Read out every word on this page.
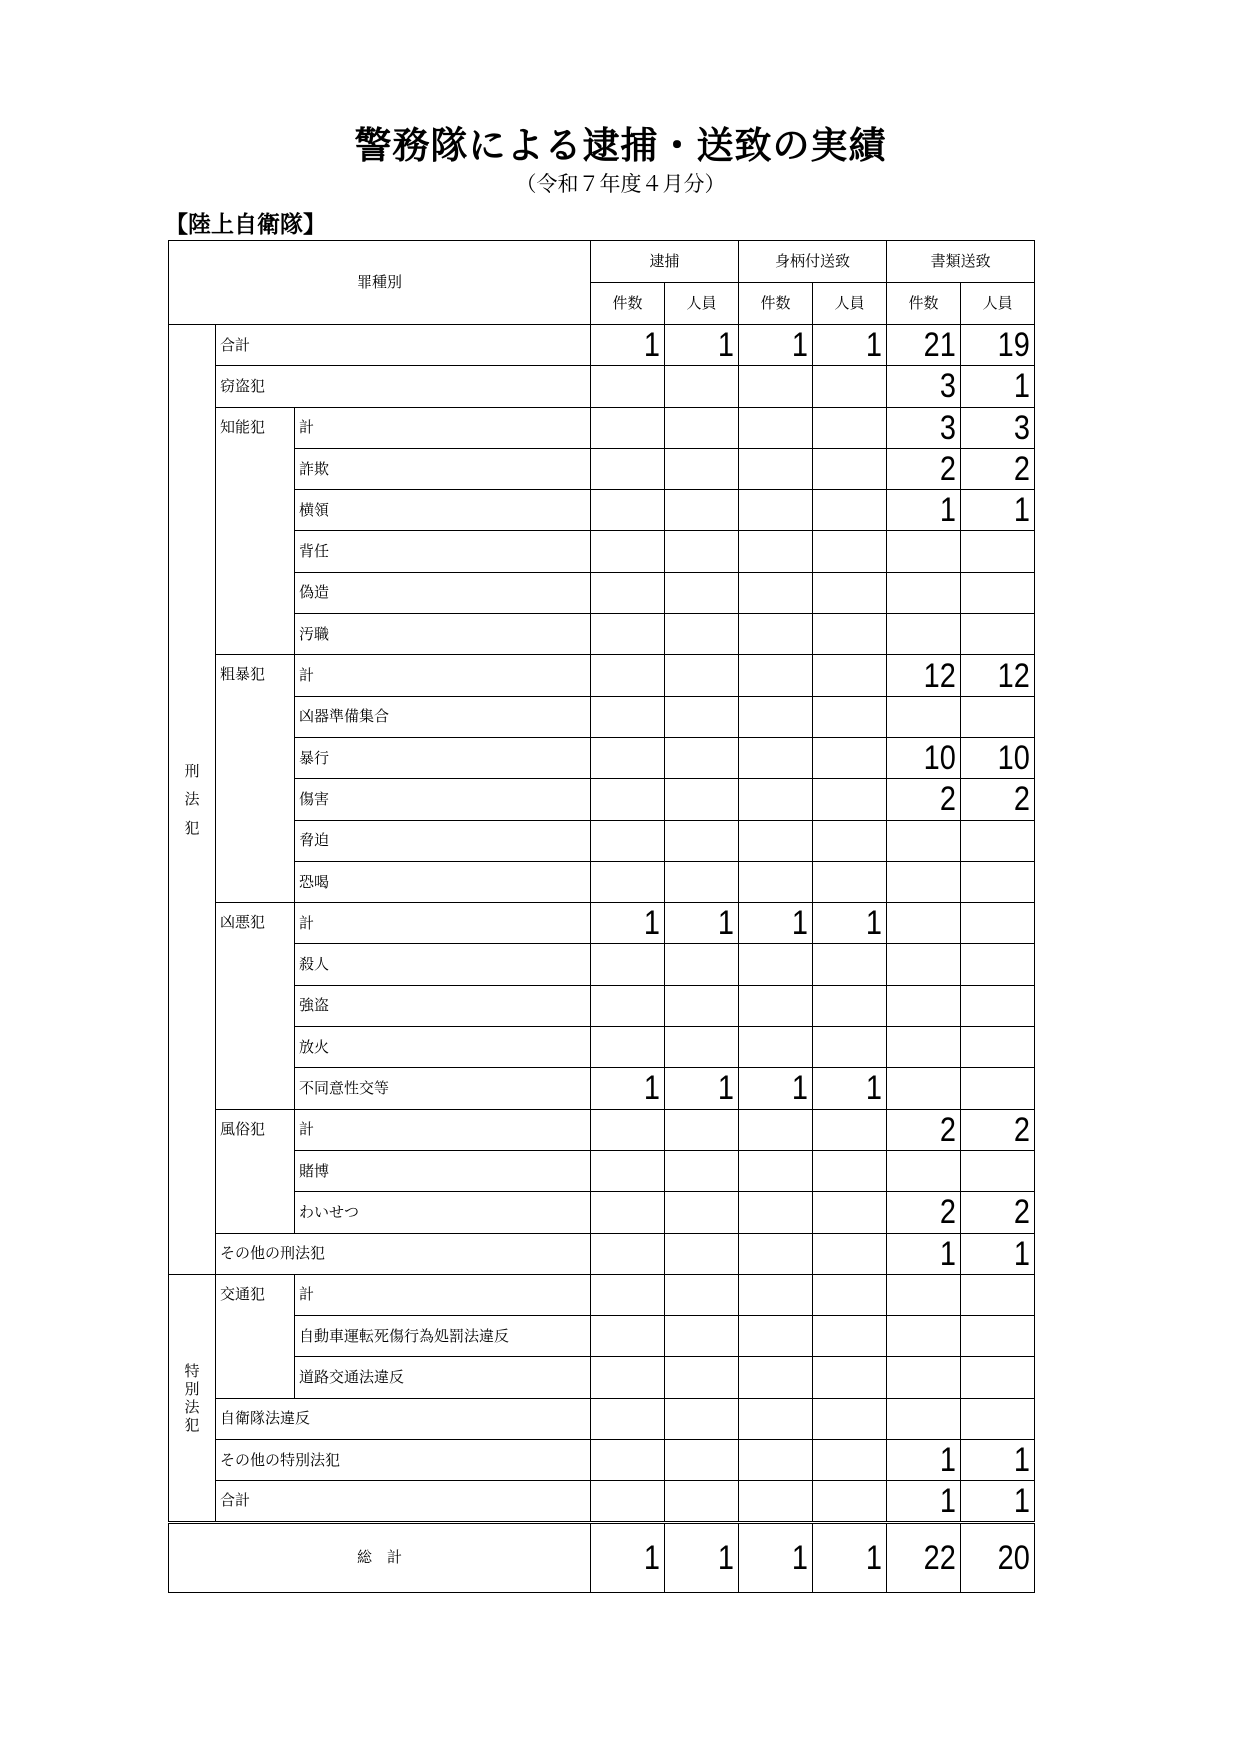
警務隊による逮捕・送致の実績
（令和７年度４月分）
【陸上自衛隊】
罪種別			逮捕		身柄付送致		書類送致	
			件数	人員	件数	人員	件数	人員
刑法犯	合計		1	1	1	1	21	19
	窃盗犯						3	1
	知能犯	計					3	3
		詐欺					2	2
		横領					1	1
		背任						
		偽造						
		汚職						
	粗暴犯	計					12	12
		凶器準備集合						
		暴行					10	10
		傷害					2	2
		脅迫						
		恐喝						
	凶悪犯	計	1	1	1	1		
		殺人						
		強盗						
		放火						
		不同意性交等	1	1	1	1		
	風俗犯	計					2	2
		賭博						
		わいせつ					2	2
	その他の刑法犯						1	1
特別法犯	交通犯	計						
		自動車運転死傷行為処罰法違反						
		道路交通法違反						
	自衛隊法違反							
	その他の特別法犯						1	1
	合計						1	1
総　計			1	1	1	1	22	20
